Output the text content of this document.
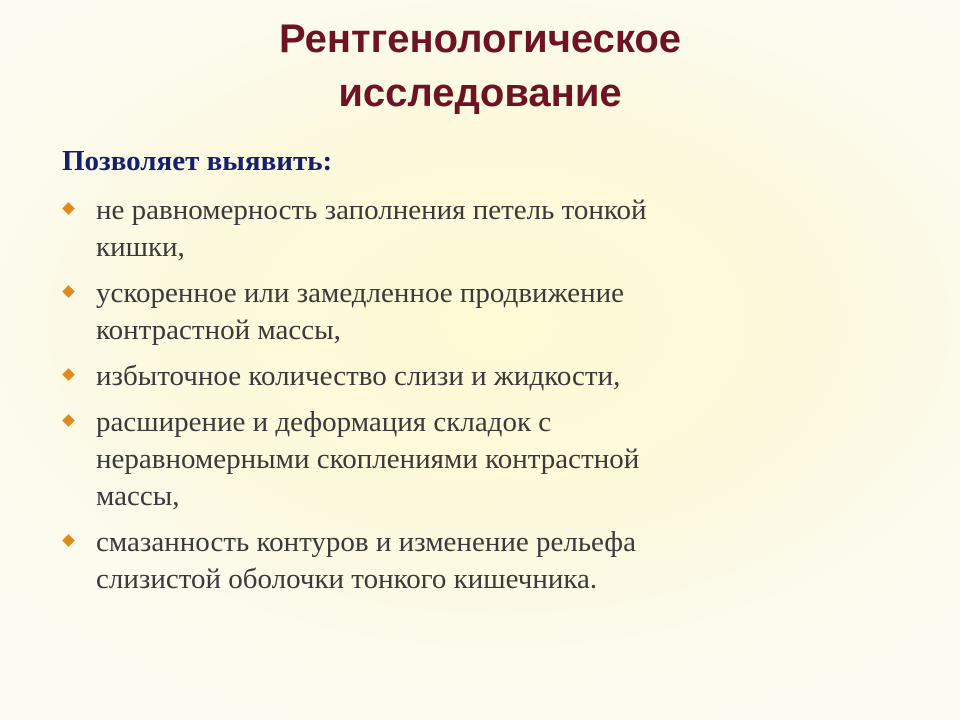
Рентгенологическое
исследование

Позволяет выявить:

не равномерность заполнения петель тонкой
кишки,
ускоренное или замедленное продвижение
контрастной массы,
избыточное количество слизи и жидкости,
расширение и деформация складок с
неравномерными скоплениями контрастной
массы,
смазанность контуров и изменение рельефа
слизистой оболочки тонкого кишечника.
